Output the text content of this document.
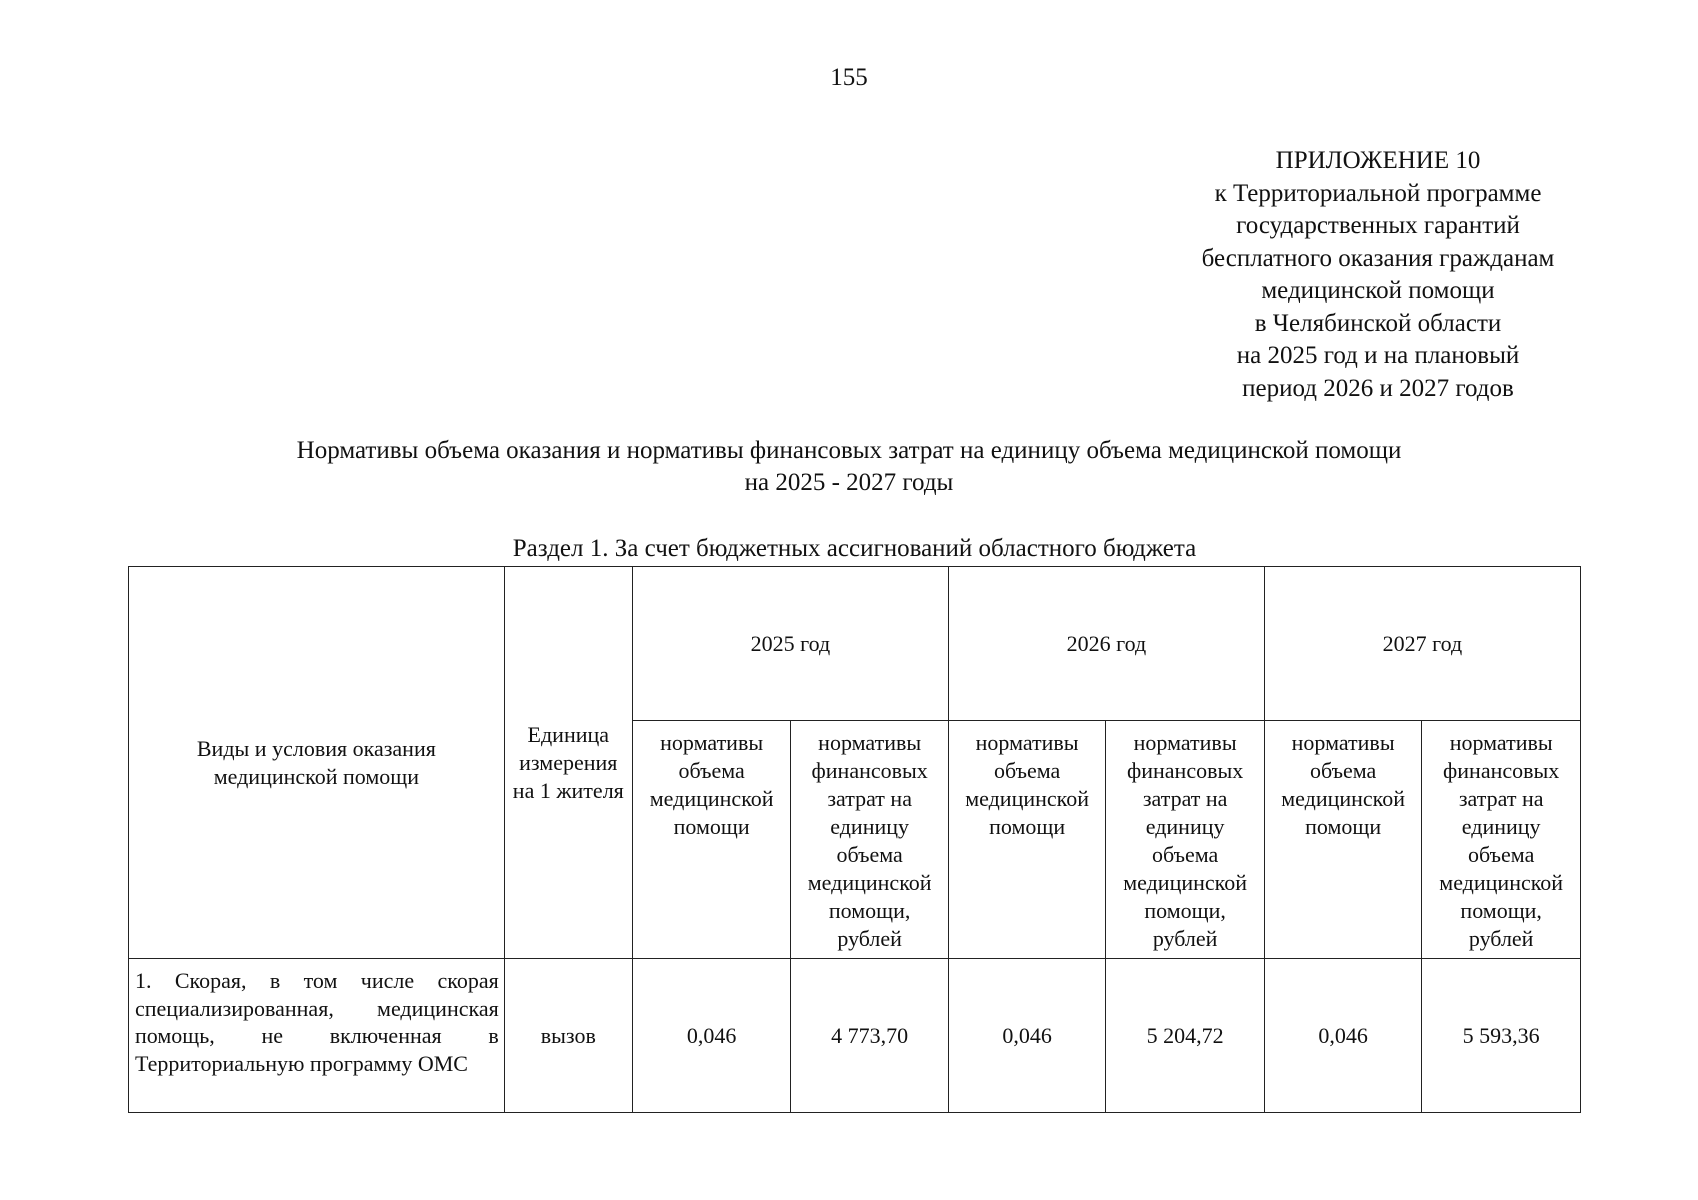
155
ПРИЛОЖЕНИЕ 10
к Территориальной программе
государственных гарантий
бесплатного оказания гражданам
медицинской помощи
в Челябинской области
на 2025 год и на плановый
период 2026 и 2027 годов
Нормативы объема оказания и нормативы финансовых затрат на единицу объема медицинской помощи
на 2025 - 2027 годы
Раздел 1. За счет бюджетных ассигнований областного бюджета
Виды и условия оказания медицинской помощи	Единица измерения на 1 жителя	2025 год		2026 год		2027 год	
		нормативы объема медицинской помощи	нормативы финансовых затрат на единицу объема медицинской помощи, рублей	нормативы объема медицинской помощи	нормативы финансовых затрат на единицу объема медицинской помощи, рублей	нормативы объема медицинской помощи	нормативы финансовых затрат на единицу объема медицинской помощи, рублей
1. Скорая, в том числе скорая специализированная, медицинская помощь, не включенная в Территориальную программу ОМС	вызов	0,046	4 773,70	0,046	5 204,72	0,046	5 593,36
